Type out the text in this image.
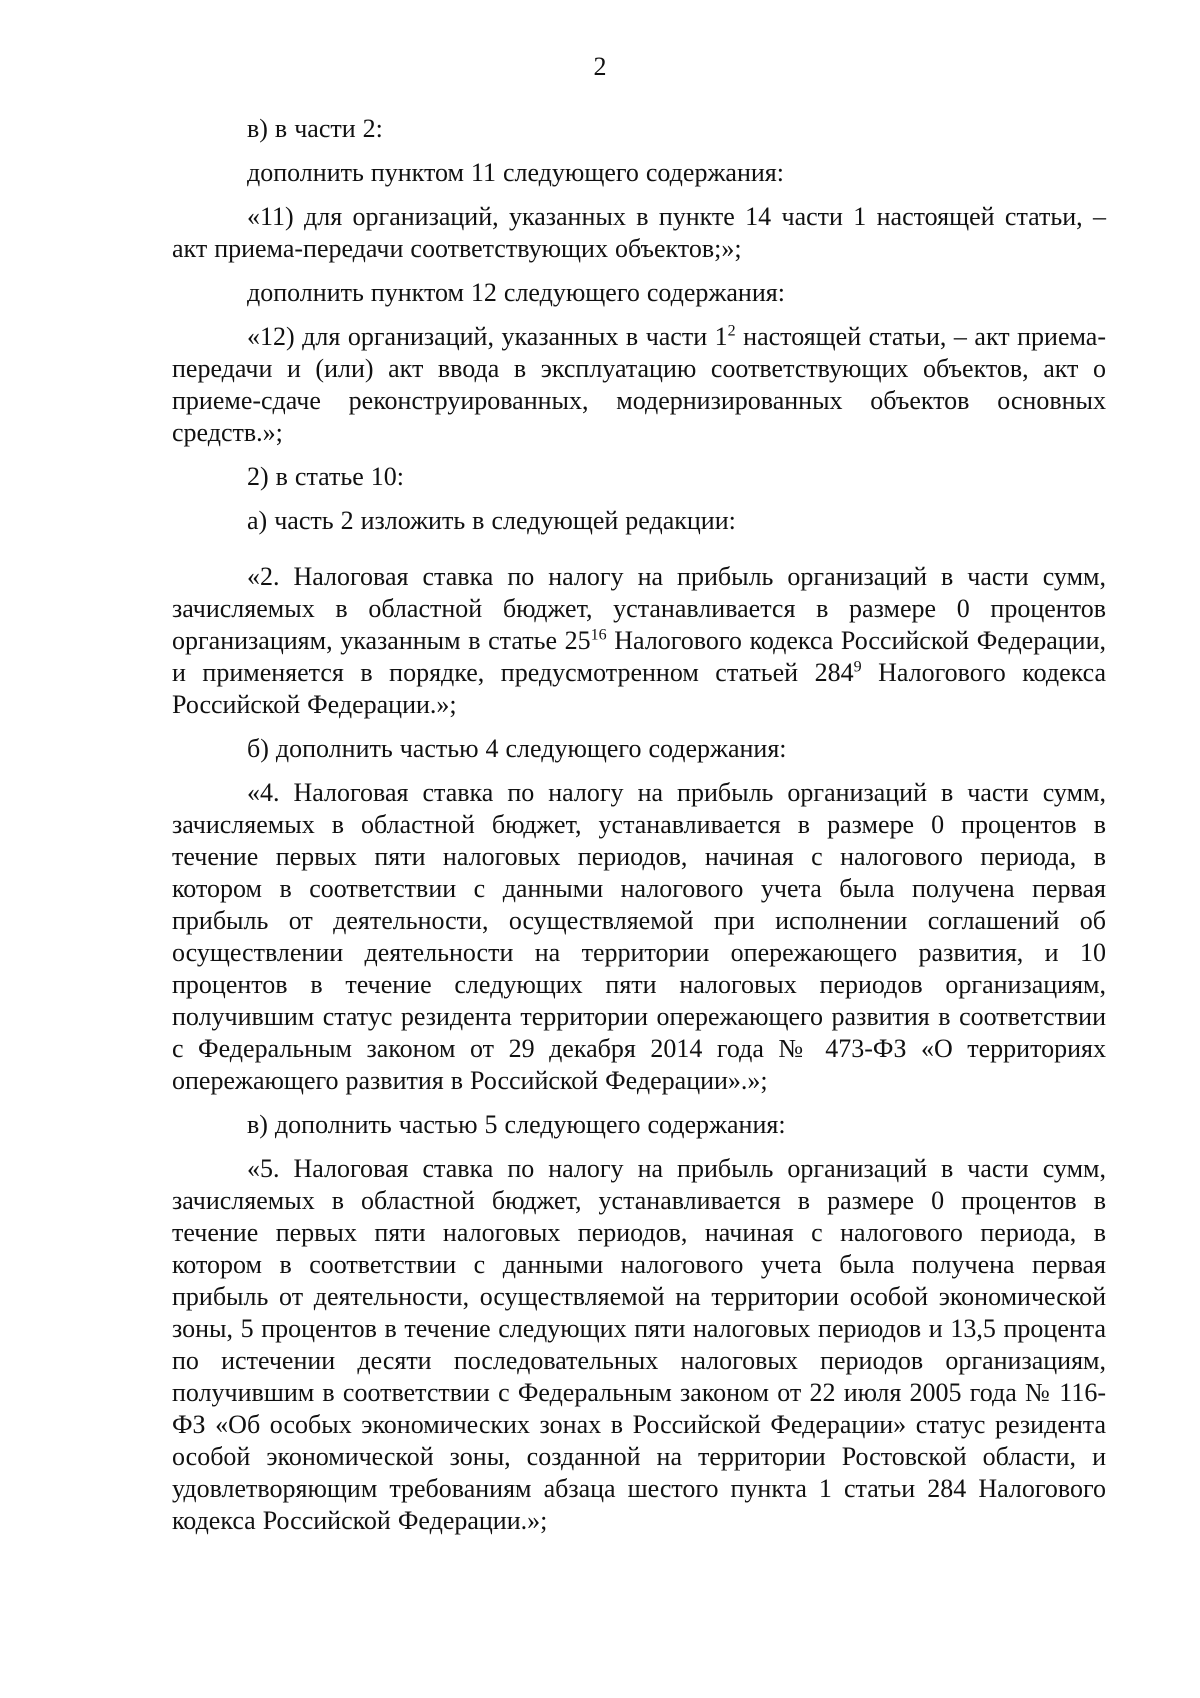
2

в) в части 2:

дополнить пунктом 11 следующего содержания:

«11) для организаций, указанных в пункте 14 части 1 настоящей статьи, – акт приема-передачи соответствующих объектов;»;

дополнить пунктом 12 следующего содержания:

«12) для организаций, указанных в части $1^2$ настоящей статьи, – акт приема-передачи и (или) акт ввода в эксплуатацию соответствующих объектов, акт о приеме-сдаче реконструированных, модернизированных объектов основных средств.»;

2) в статье 10:

а) часть 2 изложить в следующей редакции:

«2. Налоговая ставка по налогу на прибыль организаций в части сумм, зачисляемых в областной бюджет, устанавливается в размере 0 процентов организациям, указанным в статье $25^{16}$ Налогового кодекса Российской Федерации, и применяется в порядке, предусмотренном статьей $284^9$ Налогового кодекса Российской Федерации.»;

б) дополнить частью 4 следующего содержания:

«4. Налоговая ставка по налогу на прибыль организаций в части сумм, зачисляемых в областной бюджет, устанавливается в размере 0 процентов в течение первых пяти налоговых периодов, начиная с налогового периода, в котором в соответствии с данными налогового учета была получена первая прибыль от деятельности, осуществляемой при исполнении соглашений об осуществлении деятельности на территории опережающего развития, и 10 процентов в течение следующих пяти налоговых периодов организациям, получившим статус резидента территории опережающего развития в соответствии с Федеральным законом от 29 декабря 2014 года № 473-ФЗ «О территориях опережающего развития в Российской Федерации».»;

в) дополнить частью 5 следующего содержания:

«5. Налоговая ставка по налогу на прибыль организаций в части сумм, зачисляемых в областной бюджет, устанавливается в размере 0 процентов в течение первых пяти налоговых периодов, начиная с налогового периода, в котором в соответствии с данными налогового учета была получена первая прибыль от деятельности, осуществляемой на территории особой экономической зоны, 5 процентов в течение следующих пяти налоговых периодов и 13,5 процента по истечении десяти последовательных налоговых периодов организациям, получившим в соответствии с Федеральным законом от 22 июля 2005 года № 116-ФЗ «Об особых экономических зонах в Российской Федерации» статус резидента особой экономической зоны, созданной на территории Ростовской области, и удовлетворяющим требованиям абзаца шестого пункта 1 статьи 284 Налогового кодекса Российской Федерации.»;
